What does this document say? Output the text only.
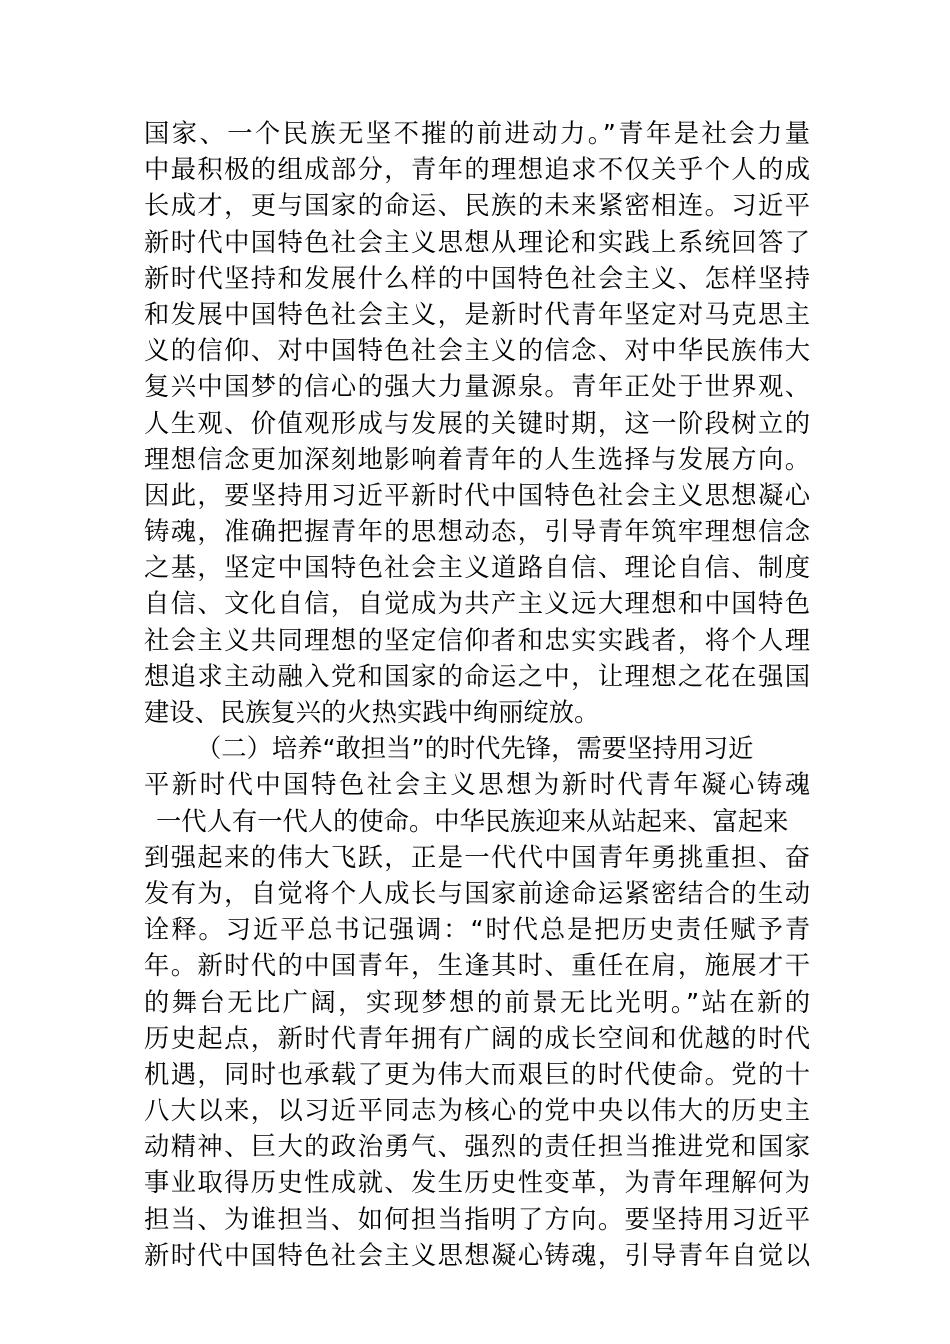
国家、一个民族无坚不摧的前进动力。”青年是社会力量
中最积极的组成部分，青年的理想追求不仅关乎个人的成
长成才，更与国家的命运、民族的未来紧密相连。习近平
新时代中国特色社会主义思想从理论和实践上系统回答了
新时代坚持和发展什么样的中国特色社会主义、怎样坚持
和发展中国特色社会主义，是新时代青年坚定对马克思主
义的信仰、对中国特色社会主义的信念、对中华民族伟大
复兴中国梦的信心的强大力量源泉。青年正处于世界观、
人生观、价值观形成与发展的关键时期，这一阶段树立的
理想信念更加深刻地影响着青年的人生选择与发展方向。
因此，要坚持用习近平新时代中国特色社会主义思想凝心
铸魂，准确把握青年的思想动态，引导青年筑牢理想信念
之基，坚定中国特色社会主义道路自信、理论自信、制度
自信、文化自信，自觉成为共产主义远大理想和中国特色
社会主义共同理想的坚定信仰者和忠实实践者，将个人理
想追求主动融入党和国家的命运之中，让理想之花在强国
建设、民族复兴的火热实践中绚丽绽放。
（二）培养“敢担当”的时代先锋，需要坚持用习近
平新时代中国特色社会主义思想为新时代青年凝心铸魂
一代人有一代人的使命。中华民族迎来从站起来、富起来
到强起来的伟大飞跃，正是一代代中国青年勇挑重担、奋
发有为，自觉将个人成长与国家前途命运紧密结合的生动
诠释。习近平总书记强调：“时代总是把历史责任赋予青
年。新时代的中国青年，生逢其时、重任在肩，施展才干
的舞台无比广阔，实现梦想的前景无比光明。”站在新的
历史起点，新时代青年拥有广阔的成长空间和优越的时代
机遇，同时也承载了更为伟大而艰巨的时代使命。党的十
八大以来，以习近平同志为核心的党中央以伟大的历史主
动精神、巨大的政治勇气、强烈的责任担当推进党和国家
事业取得历史性成就、发生历史性变革，为青年理解何为
担当、为谁担当、如何担当指明了方向。要坚持用习近平
新时代中国特色社会主义思想凝心铸魂，引导青年自觉以
